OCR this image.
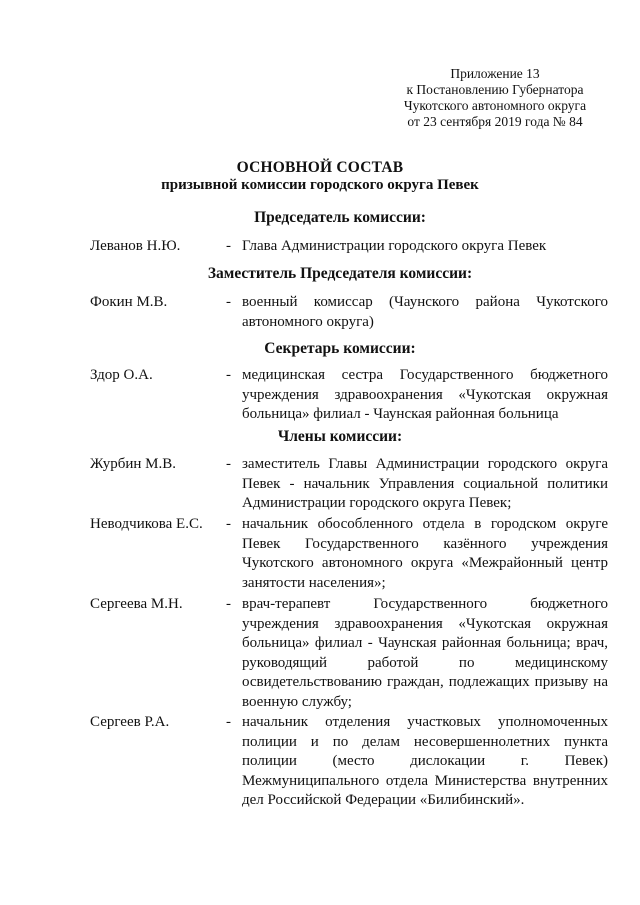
Приложение 13
к Постановлению Губернатора
Чукотского автономного округа
от 23 сентября 2019 года № 84
ОСНОВНОЙ СОСТАВ
призывной комиссии городского округа Певек
Председатель комиссии:
Леванов Н.Ю.	- Глава Администрации городского округа Певек
Заместитель Председателя комиссии:
Фокин М.В.	- военный комиссар (Чаунского района Чукотского
автономного округа)
Секретарь комиссии:
Здор О.А.	- медицинская сестра Государственного бюджетного
учреждения здравоохранения «Чукотская окружная
больница» филиал - Чаунская районная больница
Члены комиссии:
Журбин М.В.	- заместитель Главы Администрации городского округа
Певек - начальник Управления социальной политики
Администрации городского округа Певек;
Неводчикова Е.С. - начальник обособленного отдела в городском округе
Певек Государственного казённого учреждения
Чукотского автономного округа «Межрайонный центр
занятости населения»;
Сергеева М.Н.	- врач-терапевт Государственного бюджетного
учреждения здравоохранения «Чукотская окружная
больница» филиал - Чаунская районная больница; врач,
руководящий работой по медицинскому
освидетельствованию граждан, подлежащих призыву на
военную службу;
Сергеев Р.А.	- начальник отделения участковых уполномоченных
полиции и по делам несовершеннолетних пункта
полиции (место дислокации г. Певек)
Межмуниципального отдела Министерства внутренних
дел Российской Федерации «Билибинский».
